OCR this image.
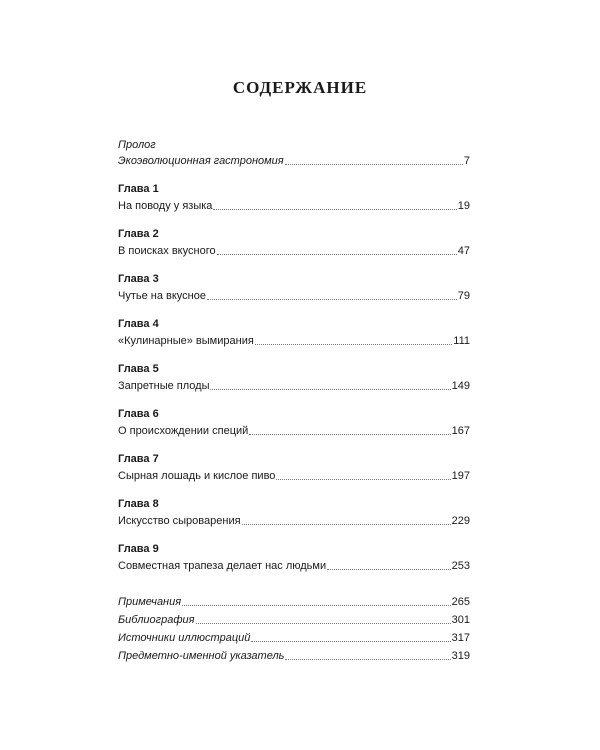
СОДЕРЖАНИЕ
Пролог
Экоэволюционная гастрономия	7
Глава 1
На поводу у языка	19
Глава 2
В поисках вкусного	47
Глава 3
Чутье на вкусное	79
Глава 4
«Кулинарные» вымирания	111
Глава 5
Запретные плоды	149
Глава 6
О происхождении специй	167
Глава 7
Сырная лошадь и кислое пиво	197
Глава 8
Искусство сыроварения	229
Глава 9
Совместная трапеза делает нас людьми	253
Примечания	265
Библиография	301
Источники иллюстраций	317
Предметно-именной указатель	319
